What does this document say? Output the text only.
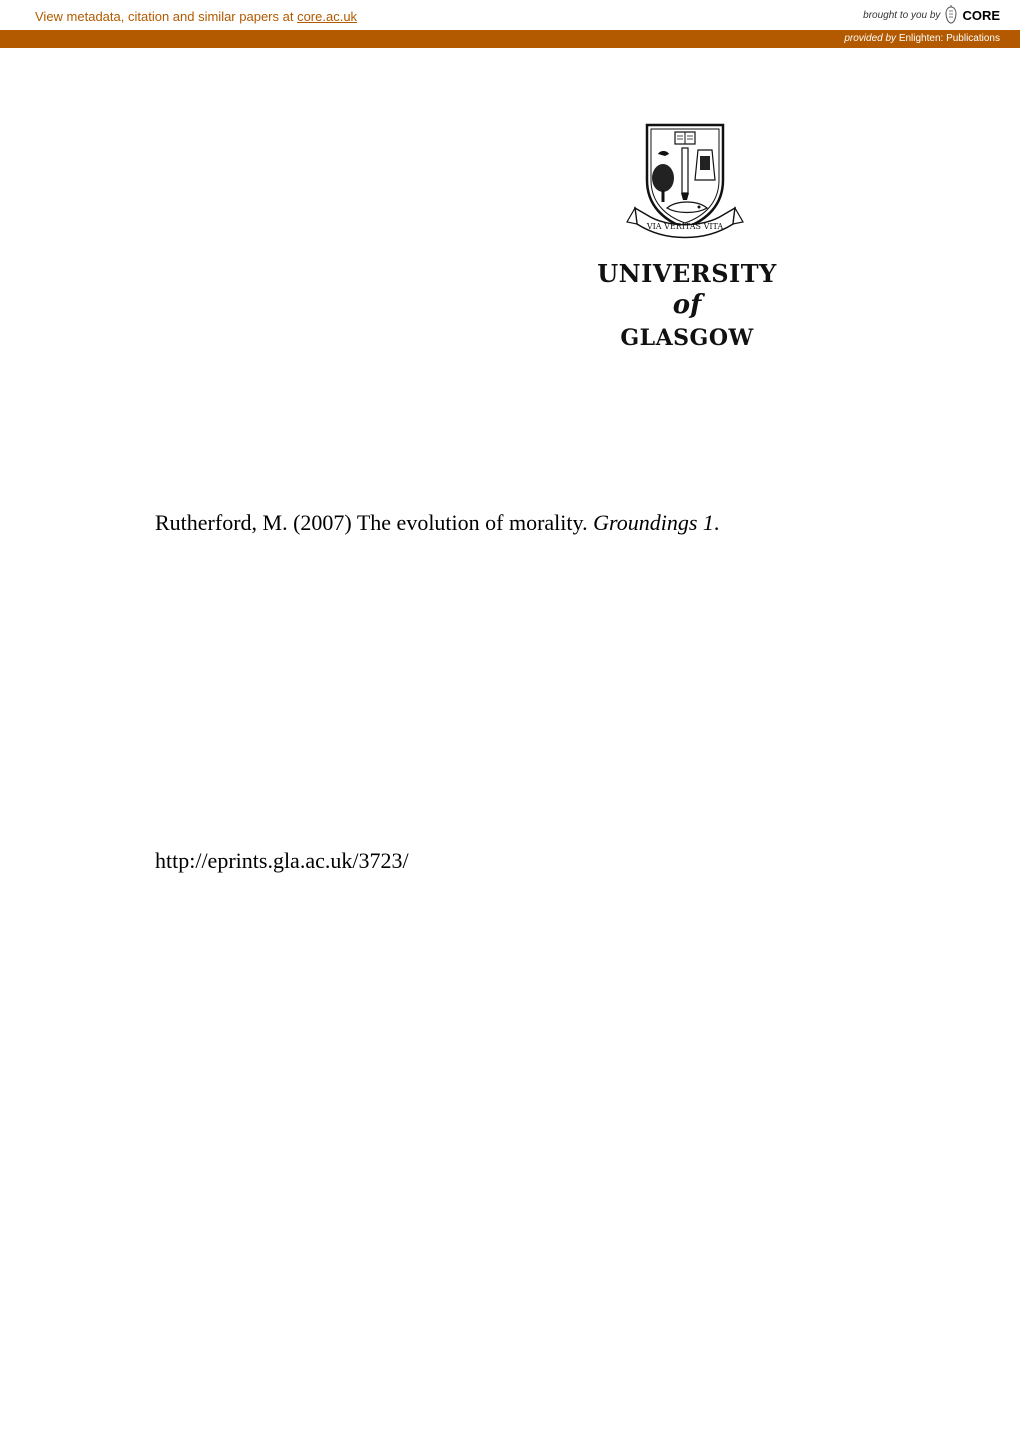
View metadata, citation and similar papers at core.ac.uk	brought to you by CORE
provided by Enlighten: Publications
VIA VERITAS VITA
UNIVERSITY
of
GLASGOW
Rutherford, M. (2007) The evolution of morality. Groundings 1.
http://eprints.gla.ac.uk/3723/
